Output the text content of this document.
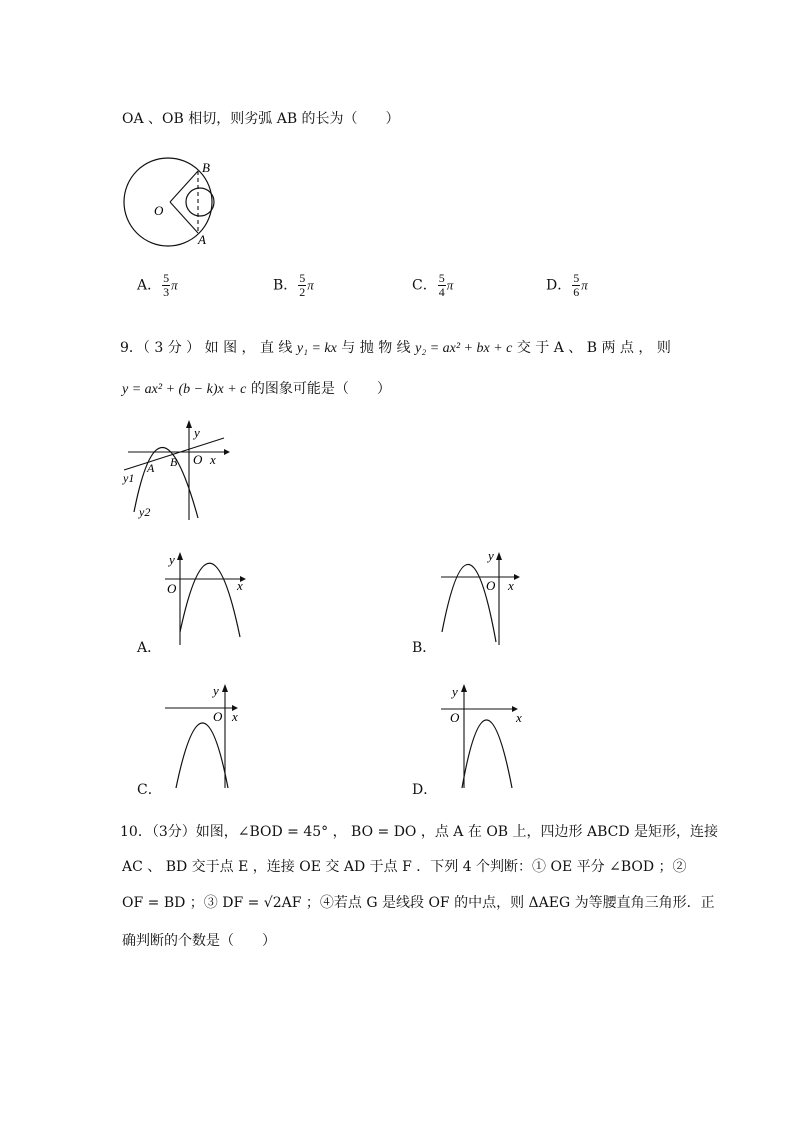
OA 、OB 相切，则劣弧 AB 的长为（　　）
B
O
A
A． $\frac{5}{3}$ π	B． $\frac{5}{2}$ π	C． $\frac{5}{4}$ π	D． $\frac{5}{6}$ π
9．（ 3 分 ） 如 图 ， 直 线 y₁ = kx 与 抛 物 线 y₂ = ax² + bx + c 交 于 A 、 B 两 点 ， 则
y = ax² + (b − k)x + c 的图象可能是（　　）
y
O x
A B
y1
y2
y
O	x
A．
y
O x
B．
y
O x
C．
y
O	x
D．
10．（3分）如图，∠BOD = 45° ， BO = DO ，点 A 在 OB 上，四边形 ABCD 是矩形，连接
AC 、 BD 交于点 E ，连接 OE 交 AD 于点 F ．下列 4 个判断：① OE 平分 ∠BOD ；②
OF = BD ；③ DF = √2AF ；④若点 G 是线段 OF 的中点，则 ΔAEG 为等腰直角三角形．正
确判断的个数是（　　）
